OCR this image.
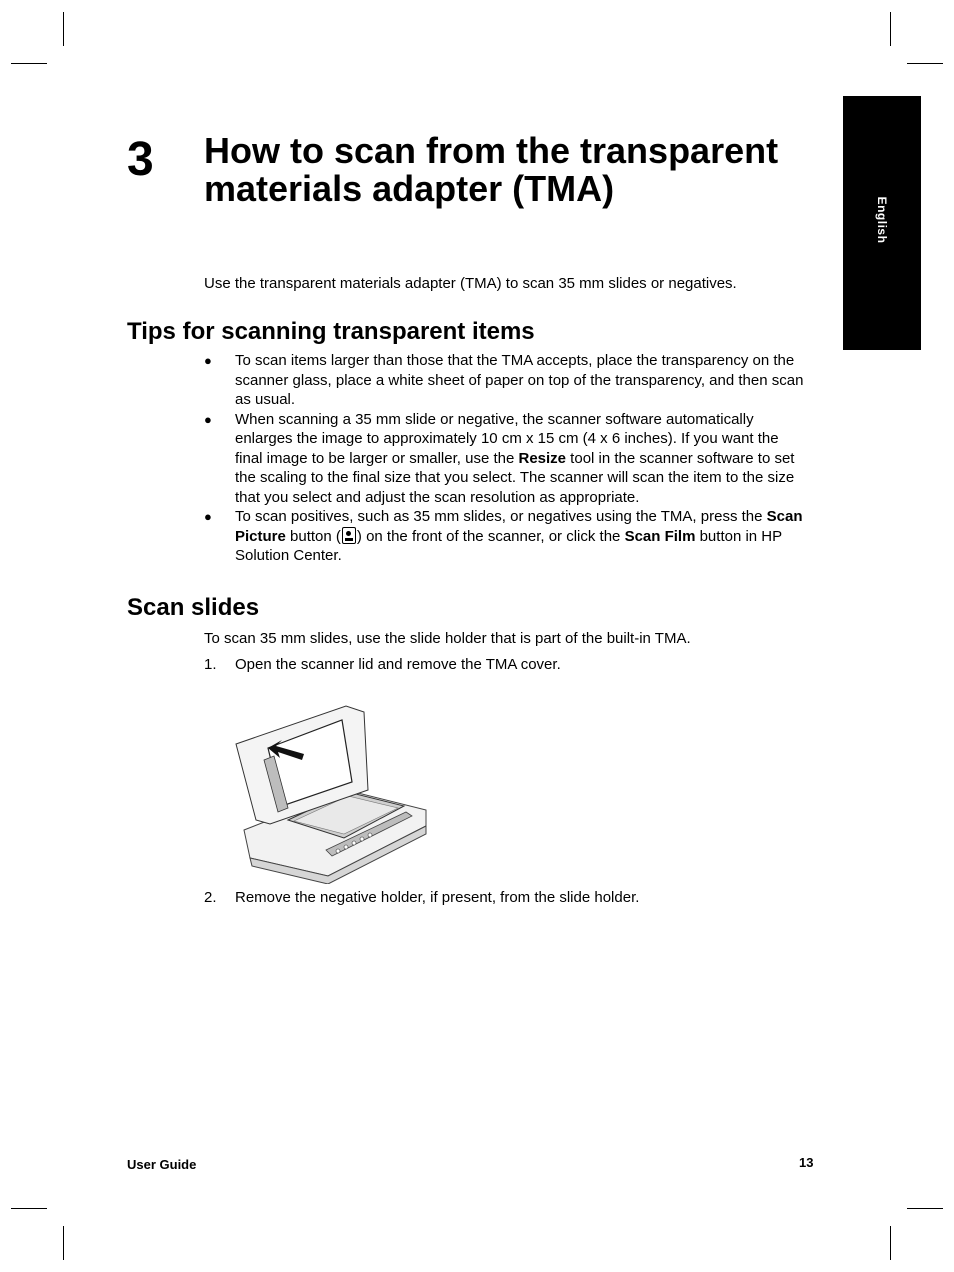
English
3 How to scan from the transparent materials adapter (TMA)

Use the transparent materials adapter (TMA) to scan 35 mm slides or negatives.

Tips for scanning transparent items
● To scan items larger than those that the TMA accepts, place the transparency on the scanner glass, place a white sheet of paper on top of the transparency, and then scan as usual.
● When scanning a 35 mm slide or negative, the scanner software automatically enlarges the image to approximately 10 cm x 15 cm (4 x 6 inches). If you want the final image to be larger or smaller, use the Resize tool in the scanner software to set the scaling to the final size that you select. The scanner will scan the item to the size that you select and adjust the scan resolution as appropriate.
● To scan positives, such as 35 mm slides, or negatives using the TMA, press the Scan Picture button ( ) on the front of the scanner, or click the Scan Film button in HP Solution Center.
Scan slides

To scan 35 mm slides, use the slide holder that is part of the built-in TMA.

1.	Open the scanner lid and remove the TMA cover.
2.	Remove the negative holder, if present, from the slide holder.
User Guide	13
